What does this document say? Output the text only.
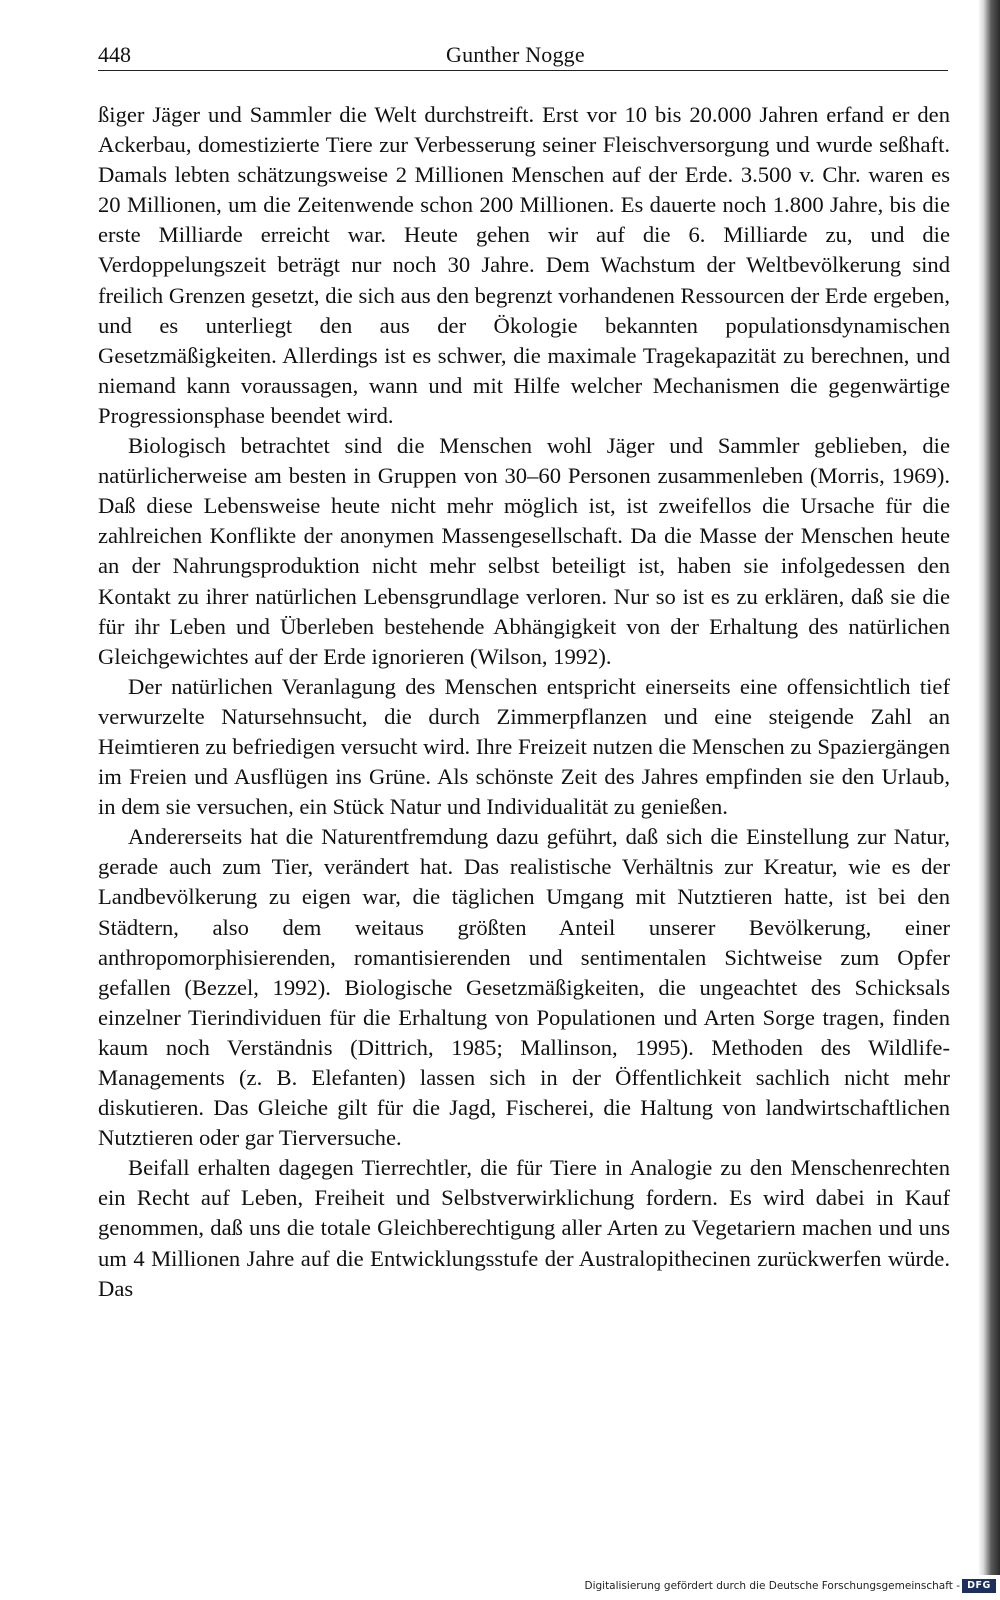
448	Gunther Nogge

ßiger Jäger und Sammler die Welt durchstreift. Erst vor 10 bis 20.000 Jahren erfand er den Ackerbau, domestizierte Tiere zur Verbesserung seiner Fleischversorgung und wurde seßhaft. Damals lebten schätzungsweise 2 Millionen Menschen auf der Erde. 3.500 v. Chr. waren es 20 Millionen, um die Zeitenwende schon 200 Millionen. Es dauerte noch 1.800 Jahre, bis die erste Milliarde erreicht war. Heute gehen wir auf die 6. Milliarde zu, und die Verdoppelungszeit beträgt nur noch 30 Jahre. Dem Wachstum der Weltbevölkerung sind freilich Grenzen gesetzt, die sich aus den begrenzt vorhandenen Ressourcen der Erde ergeben, und es unterliegt den aus der Ökologie bekannten populationsdynamischen Gesetzmäßigkeiten. Allerdings ist es schwer, die maximale Tragekapazität zu berechnen, und niemand kann voraussagen, wann und mit Hilfe welcher Mechanismen die gegenwärtige Progressionsphase beendet wird.

Biologisch betrachtet sind die Menschen wohl Jäger und Sammler geblieben, die natürlicherweise am besten in Gruppen von 30–60 Personen zusammenleben (Morris, 1969). Daß diese Lebensweise heute nicht mehr möglich ist, ist zweifellos die Ursache für die zahlreichen Konflikte der anonymen Massengesellschaft. Da die Masse der Menschen heute an der Nahrungsproduktion nicht mehr selbst beteiligt ist, haben sie infolgedessen den Kontakt zu ihrer natürlichen Lebensgrundlage verloren. Nur so ist es zu erklären, daß sie die für ihr Leben und Überleben bestehende Abhängigkeit von der Erhaltung des natürlichen Gleichgewichtes auf der Erde ignorieren (Wilson, 1992).

Der natürlichen Veranlagung des Menschen entspricht einerseits eine offensichtlich tief verwurzelte Natursehnsucht, die durch Zimmerpflanzen und eine steigende Zahl an Heimtieren zu befriedigen versucht wird. Ihre Freizeit nutzen die Menschen zu Spaziergängen im Freien und Ausflügen ins Grüne. Als schönste Zeit des Jahres empfinden sie den Urlaub, in dem sie versuchen, ein Stück Natur und Individualität zu genießen.

Andererseits hat die Naturentfremdung dazu geführt, daß sich die Einstellung zur Natur, gerade auch zum Tier, verändert hat. Das realistische Verhältnis zur Kreatur, wie es der Landbevölkerung zu eigen war, die täglichen Umgang mit Nutztieren hatte, ist bei den Städtern, also dem weitaus größten Anteil unserer Bevölkerung, einer anthropomorphisierenden, romantisierenden und sentimentalen Sichtweise zum Opfer gefallen (Bezzel, 1992). Biologische Gesetzmäßigkeiten, die ungeachtet des Schicksals einzelner Tierindividuen für die Erhaltung von Populationen und Arten Sorge tragen, finden kaum noch Verständnis (Dittrich, 1985; Mallinson, 1995). Methoden des Wildlife-Managements (z. B. Elefanten) lassen sich in der Öffentlichkeit sachlich nicht mehr diskutieren. Das Gleiche gilt für die Jagd, Fischerei, die Haltung von landwirtschaftlichen Nutztieren oder gar Tierversuche.

Beifall erhalten dagegen Tierrechtler, die für Tiere in Analogie zu den Menschenrechten ein Recht auf Leben, Freiheit und Selbstverwirklichung fordern. Es wird dabei in Kauf genommen, daß uns die totale Gleichberechtigung aller Arten zu Vegetariern machen und uns um 4 Millionen Jahre auf die Entwicklungsstufe der Australopithecinen zurückwerfen würde. Das

Digitalisierung gefördert durch die Deutsche Forschungsgemeinschaft - DFG
